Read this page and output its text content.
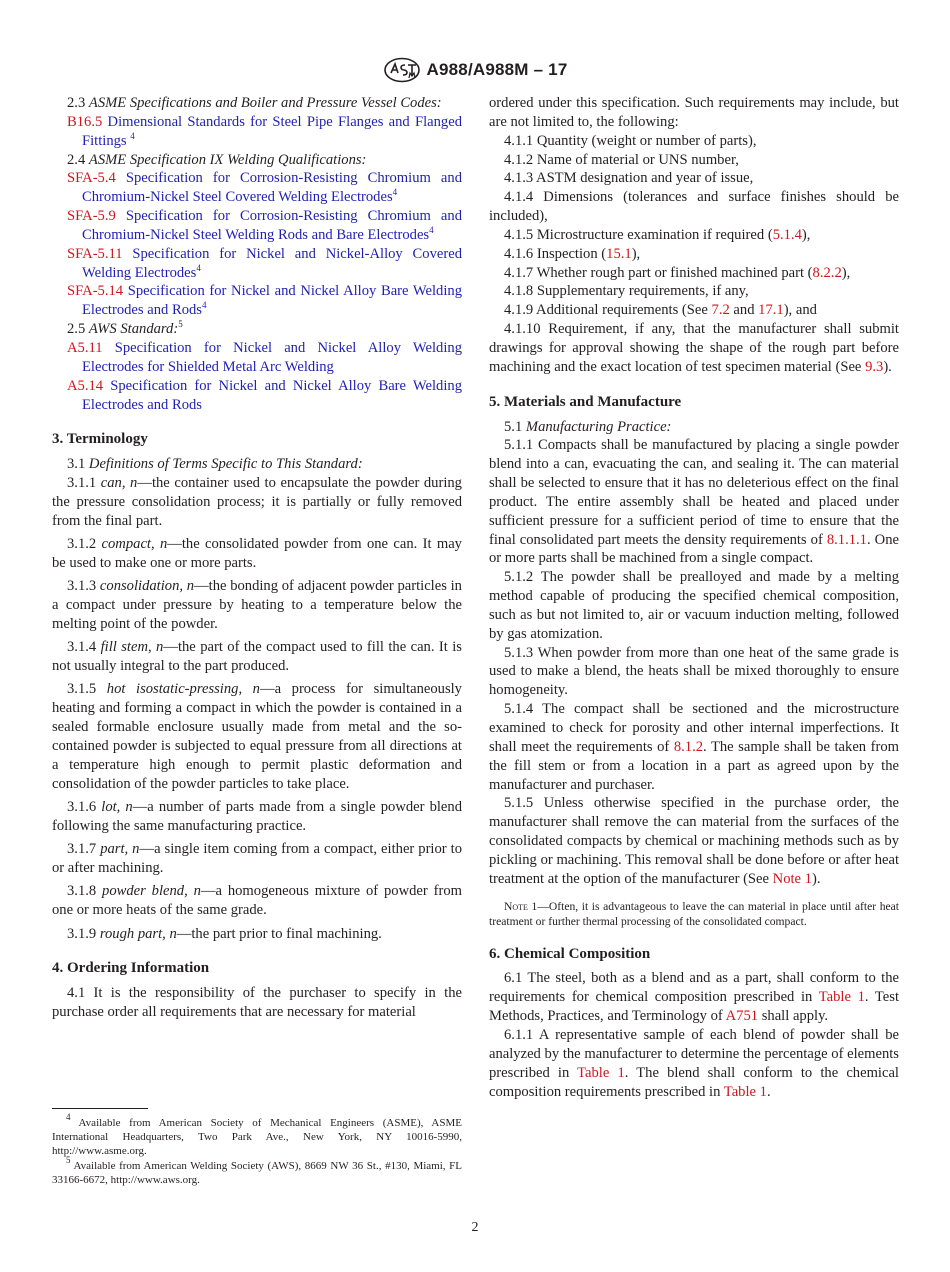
A988/A988M – 17

2.3 ASME Specifications and Boiler and Pressure Vessel Codes:

B16.5 Dimensional Standards for Steel Pipe Flanges and Flanged Fittings $^4$

2.4 ASME Specification IX Welding Qualifications:

SFA-5.4 Specification for Corrosion-Resisting Chromium and Chromium-Nickel Steel Covered Welding Electrodes$^4$

SFA-5.9 Specification for Corrosion-Resisting Chromium and Chromium-Nickel Steel Welding Rods and Bare Electrodes$^4$

SFA-5.11 Specification for Nickel and Nickel-Alloy Covered Welding Electrodes$^4$

SFA-5.14 Specification for Nickel and Nickel Alloy Bare Welding Electrodes and Rods$^4$

2.5 AWS Standard:$^5$

A5.11 Specification for Nickel and Nickel Alloy Welding Electrodes for Shielded Metal Arc Welding

A5.14 Specification for Nickel and Nickel Alloy Bare Welding Electrodes and Rods

3. Terminology

3.1 Definitions of Terms Specific to This Standard:

3.1.1 can, n—the container used to encapsulate the powder during the pressure consolidation process; it is partially or fully removed from the final part.

3.1.2 compact, n—the consolidated powder from one can. It may be used to make one or more parts.

3.1.3 consolidation, n—the bonding of adjacent powder particles in a compact under pressure by heating to a temperature below the melting point of the powder.

3.1.4 fill stem, n—the part of the compact used to fill the can. It is not usually integral to the part produced.

3.1.5 hot isostatic-pressing, n—a process for simultaneously heating and forming a compact in which the powder is contained in a sealed formable enclosure usually made from metal and the so-contained powder is subjected to equal pressure from all directions at a temperature high enough to permit plastic deformation and consolidation of the powder particles to take place.

3.1.6 lot, n—a number of parts made from a single powder blend following the same manufacturing practice.

3.1.7 part, n—a single item coming from a compact, either prior to or after machining.

3.1.8 powder blend, n—a homogeneous mixture of powder from one or more heats of the same grade.

3.1.9 rough part, n—the part prior to final machining.

4. Ordering Information

4.1 It is the responsibility of the purchaser to specify in the purchase order all requirements that are necessary for material

ordered under this specification. Such requirements may include, but are not limited to, the following:

4.1.1 Quantity (weight or number of parts),

4.1.2 Name of material or UNS number,

4.1.3 ASTM designation and year of issue,

4.1.4 Dimensions (tolerances and surface finishes should be included),

4.1.5 Microstructure examination if required (5.1.4),

4.1.6 Inspection (15.1),

4.1.7 Whether rough part or finished machined part (8.2.2),

4.1.8 Supplementary requirements, if any,

4.1.9 Additional requirements (See 7.2 and 17.1), and

4.1.10 Requirement, if any, that the manufacturer shall submit drawings for approval showing the shape of the rough part before machining and the exact location of test specimen material (See 9.3).

5. Materials and Manufacture

5.1 Manufacturing Practice:

5.1.1 Compacts shall be manufactured by placing a single powder blend into a can, evacuating the can, and sealing it. The can material shall be selected to ensure that it has no deleterious effect on the final product. The entire assembly shall be heated and placed under sufficient pressure for a sufficient period of time to ensure that the final consolidated part meets the density requirements of 8.1.1.1. One or more parts shall be machined from a single compact.

5.1.2 The powder shall be prealloyed and made by a melting method capable of producing the specified chemical composition, such as but not limited to, air or vacuum induction melting, followed by gas atomization.

5.1.3 When powder from more than one heat of the same grade is used to make a blend, the heats shall be mixed thoroughly to ensure homogeneity.

5.1.4 The compact shall be sectioned and the microstructure examined to check for porosity and other internal imperfections. It shall meet the requirements of 8.1.2. The sample shall be taken from the fill stem or from a location in a part as agreed upon by the manufacturer and purchaser.

5.1.5 Unless otherwise specified in the purchase order, the manufacturer shall remove the can material from the surfaces of the consolidated compacts by chemical or machining methods such as by pickling or machining. This removal shall be done before or after heat treatment at the option of the manufacturer (See Note 1).

Note 1—Often, it is advantageous to leave the can material in place until after heat treatment or further thermal processing of the consolidated compact.

6. Chemical Composition

6.1 The steel, both as a blend and as a part, shall conform to the requirements for chemical composition prescribed in Table 1. Test Methods, Practices, and Terminology of A751 shall apply.

6.1.1 A representative sample of each blend of powder shall be analyzed by the manufacturer to determine the percentage of elements prescribed in Table 1. The blend shall conform to the chemical composition requirements prescribed in Table 1.

$^4$ Available from American Society of Mechanical Engineers (ASME), ASME International Headquarters, Two Park Ave., New York, NY 10016-5990, http://www.asme.org.

$^5$ Available from American Welding Society (AWS), 8669 NW 36 St., #130, Miami, FL 33166-6672, http://www.aws.org.

2
